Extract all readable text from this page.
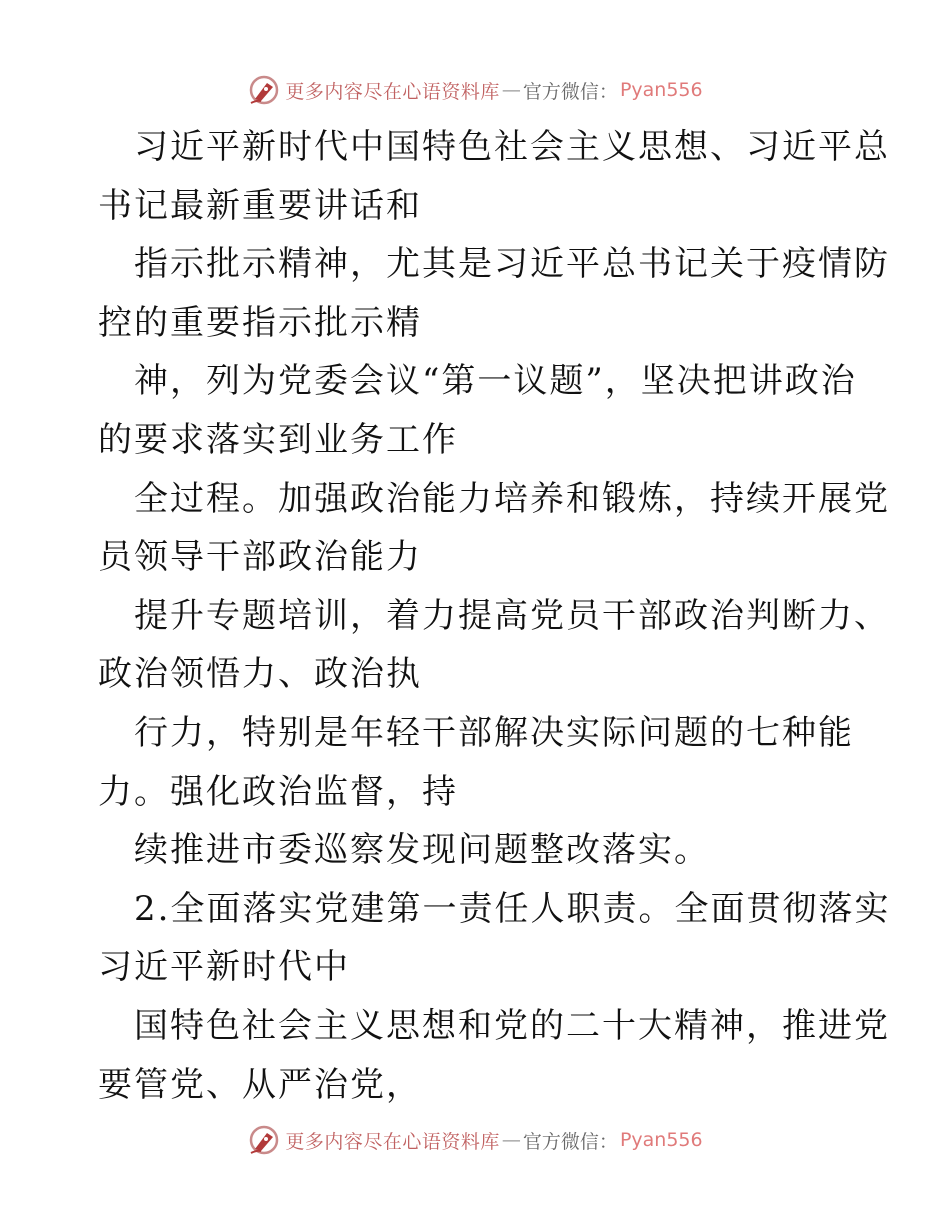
更多内容尽在心语资料库 — 官方微信： Pyan556
习近平新时代中国特色社会主义思想、习近平总
书记最新重要讲话和
指示批示精神，尤其是习近平总书记关于疫情防
控的重要指示批示精
神，列为党委会议“第一议题”，坚决把讲政治
的要求落实到业务工作
全过程。加强政治能力培养和锻炼，持续开展党
员领导干部政治能力
提升专题培训，着力提高党员干部政治判断力、
政治领悟力、政治执
行力，特别是年轻干部解决实际问题的七种能
力。强化政治监督，持
续推进市委巡察发现问题整改落实。
2.全面落实党建第一责任人职责。全面贯彻落实
习近平新时代中
国特色社会主义思想和党的二十大精神，推进党
要管党、从严治党，
更多内容尽在心语资料库 — 官方微信： Pyan556
